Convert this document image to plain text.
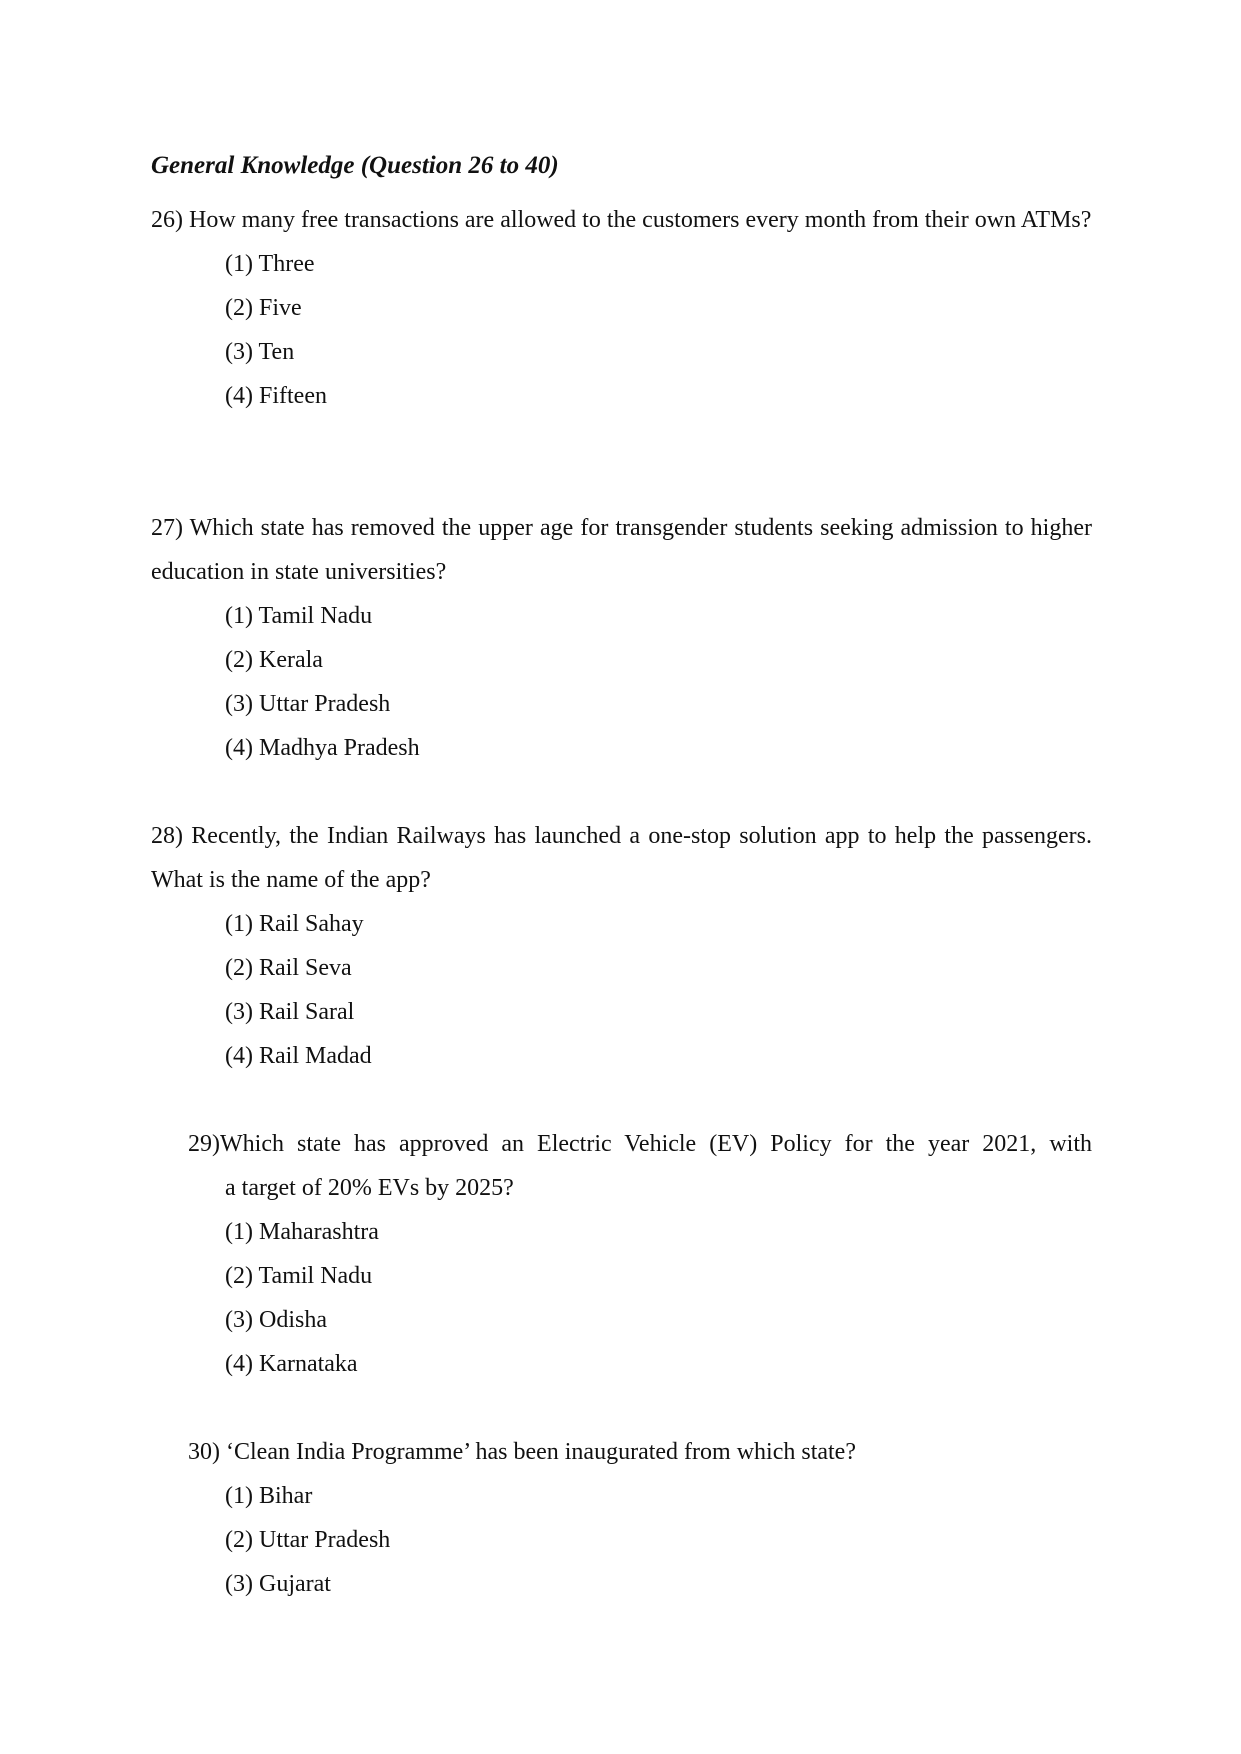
General Knowledge (Question 26 to 40)
26) How many free transactions are allowed to the customers every month from their own ATMs?
(1) Three
(2) Five
(3) Ten
(4) Fifteen
27) Which state has removed the upper age for transgender students seeking admission to higher education in state universities?
(1) Tamil Nadu
(2) Kerala
(3) Uttar Pradesh
(4) Madhya Pradesh
28) Recently, the Indian Railways has launched a one-stop solution app to help the passengers. What is the name of the app?
(1) Rail Sahay
(2) Rail Seva
(3) Rail Saral
(4) Rail Madad
29)Which state has approved an Electric Vehicle (EV) Policy for the year 2021, with
a target of 20% EVs by 2025?
(1) Maharashtra
(2) Tamil Nadu
(3) Odisha
(4) Karnataka
30) ‘Clean India Programme’ has been inaugurated from which state?
(1) Bihar
(2) Uttar Pradesh
(3) Gujarat
